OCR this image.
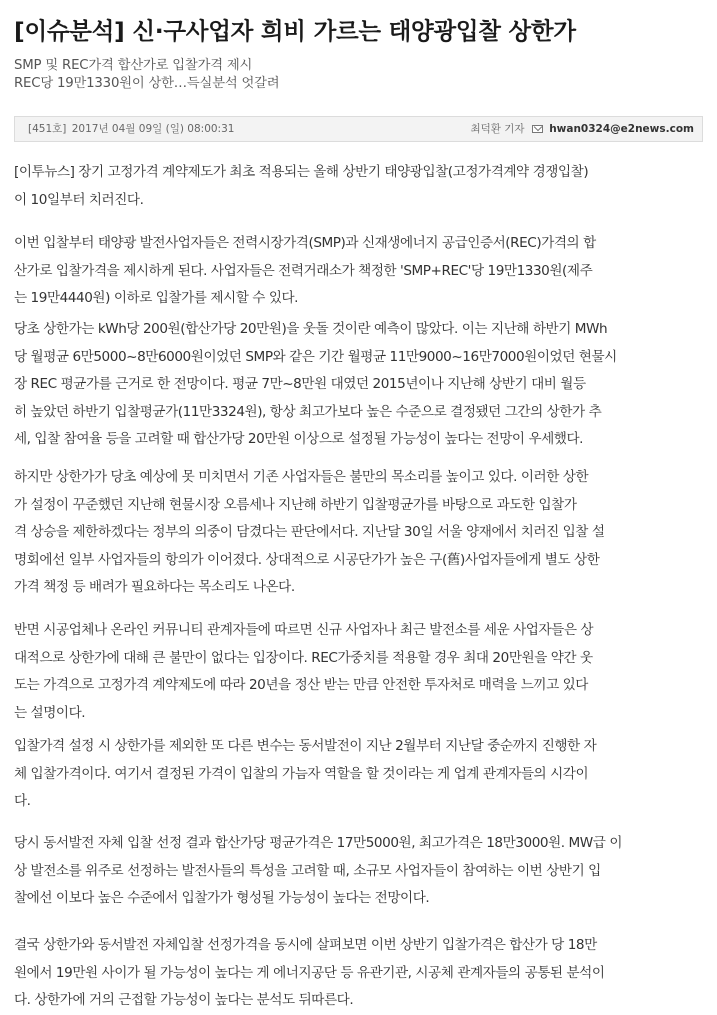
[이슈분석] 신·구사업자 희비 가르는 태양광입찰 상한가

SMP 및 REC가격 합산가로 입찰가격 제시

REC당 19만1330원이 상한…득실분석 엇갈려

[451호] 2017년 04월 09일 (일) 08:00:31	최덕환 기자 hwan0324@e2news.com
[이투뉴스] 장기 고정가격 계약제도가 최초 적용되는 올해 상반기 태양광입찰(고정가격계약 경쟁입찰)
이 10일부터 치러진다.
이번 입찰부터 태양광 발전사업자들은 전력시장가격(SMP)과 신재생에너지 공급인증서(REC)가격의 합
산가로 입찰가격을 제시하게 된다. 사업자들은 전력거래소가 책정한 'SMP+REC'당 19만1330원(제주
는 19만4440원) 이하로 입찰가를 제시할 수 있다.
당초 상한가는 kWh당 200원(합산가당 20만원)을 웃돌 것이란 예측이 많았다. 이는 지난해 하반기 MWh
당 월평균 6만5000~8만6000원이었던 SMP와 같은 기간 월평균 11만9000~16만7000원이었던 현물시
장 REC 평균가를 근거로 한 전망이다. 평균 7만~8만원 대였던 2015년이나 지난해 상반기 대비 월등
히 높았던 하반기 입찰평균가(11만3324원), 항상 최고가보다 높은 수준으로 결정됐던 그간의 상한가 추
세, 입찰 참여율 등을 고려할 때 합산가당 20만원 이상으로 설정될 가능성이 높다는 전망이 우세했다.
하지만 상한가가 당초 예상에 못 미치면서 기존 사업자들은 불만의 목소리를 높이고 있다. 이러한 상한
가 설정이 꾸준했던 지난해 현물시장 오름세나 지난해 하반기 입찰평균가를 바탕으로 과도한 입찰가
격 상승을 제한하겠다는 정부의 의중이 담겼다는 판단에서다. 지난달 30일 서울 양재에서 치러진 입찰 설
명회에선 일부 사업자들의 항의가 이어졌다. 상대적으로 시공단가가 높은 구(舊)사업자들에게 별도 상한
가격 책정 등 배려가 필요하다는 목소리도 나온다.
반면 시공업체나 온라인 커뮤니티 관계자들에 따르면 신규 사업자나 최근 발전소를 세운 사업자들은 상
대적으로 상한가에 대해 큰 불만이 없다는 입장이다. REC가중치를 적용할 경우 최대 20만원을 약간 웃
도는 가격으로 고정가격 계약제도에 따라 20년을 정산 받는 만큼 안전한 투자처로 매력을 느끼고 있다
는 설명이다.
입찰가격 설정 시 상한가를 제외한 또 다른 변수는 동서발전이 지난 2월부터 지난달 중순까지 진행한 자
체 입찰가격이다. 여기서 결정된 가격이 입찰의 가늠자 역할을 할 것이라는 게 업계 관계자들의 시각이
다.
당시 동서발전 자체 입찰 선정 결과 합산가당 평균가격은 17만5000원, 최고가격은 18만3000원. MW급 이
상 발전소를 위주로 선정하는 발전사들의 특성을 고려할 때, 소규모 사업자들이 참여하는 이번 상반기 입
찰에선 이보다 높은 수준에서 입찰가가 형성될 가능성이 높다는 전망이다.
결국 상한가와 동서발전 자체입찰 선정가격을 동시에 살펴보면 이번 상반기 입찰가격은 합산가 당 18만
원에서 19만원 사이가 될 가능성이 높다는 게 에너지공단 등 유관기관, 시공체 관계자들의 공통된 분석이
다. 상한가에 거의 근접할 가능성이 높다는 분석도 뒤따른다.
